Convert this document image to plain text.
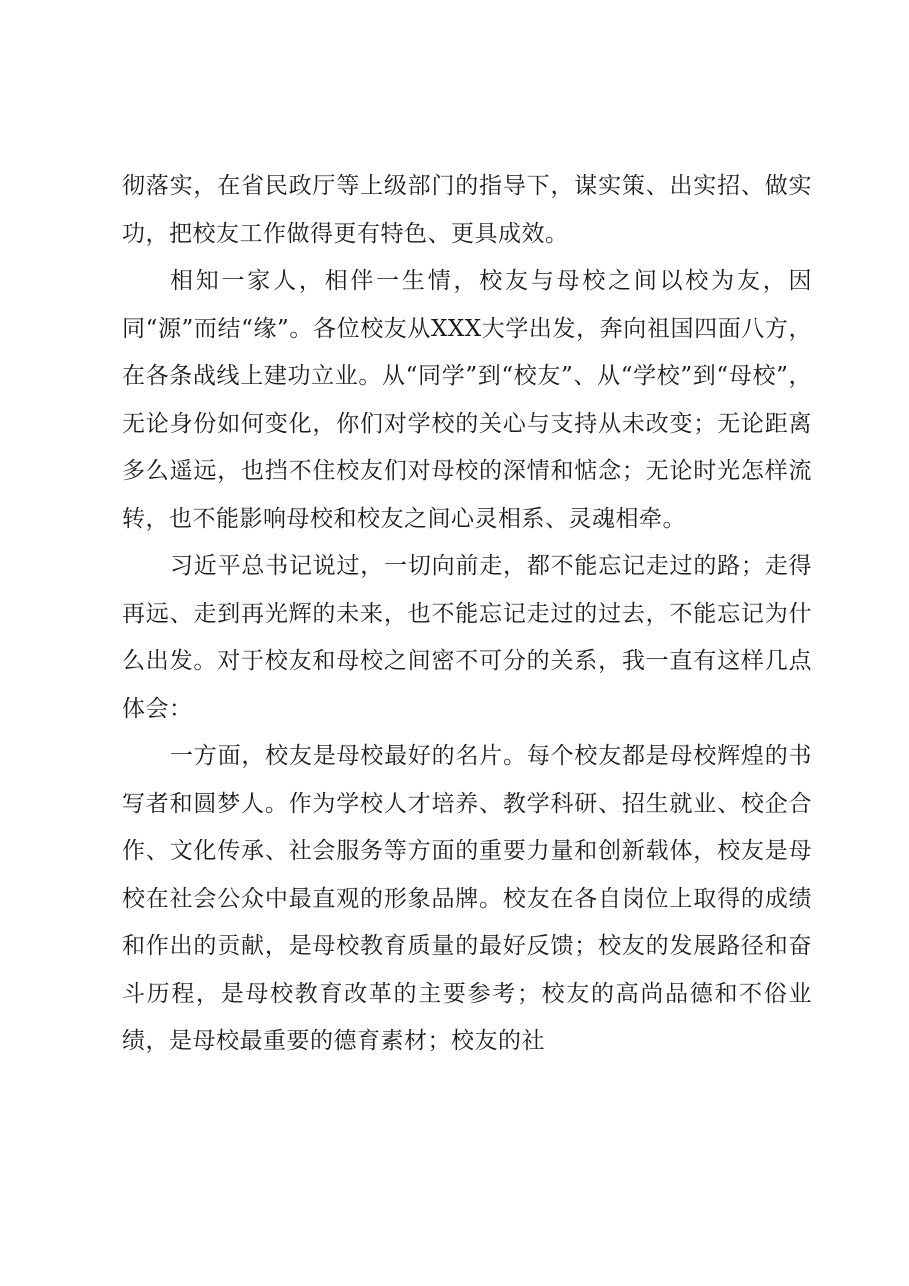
彻落实，在省民政厅等上级部门的指导下，谋实策、出实招、做实功，把校友工作做得更有特色、更具成效。

相知一家人，相伴一生情，校友与母校之间以校为友，因同“源”而结“缘”。各位校友从XXX大学出发，奔向祖国四面八方，在各条战线上建功立业。从“同学”到“校友”、从“学校”到“母校”，无论身份如何变化，你们对学校的关心与支持从未改变；无论距离多么遥远，也挡不住校友们对母校的深情和惦念；无论时光怎样流转，也不能影响母校和校友之间心灵相系、灵魂相牵。

习近平总书记说过，一切向前走，都不能忘记走过的路；走得再远、走到再光辉的未来，也不能忘记走过的过去，不能忘记为什么出发。对于校友和母校之间密不可分的关系，我一直有这样几点体会：

一方面，校友是母校最好的名片。每个校友都是母校辉煌的书写者和圆梦人。作为学校人才培养、教学科研、招生就业、校企合作、文化传承、社会服务等方面的重要力量和创新载体，校友是母校在社会公众中最直观的形象品牌。校友在各自岗位上取得的成绩和作出的贡献，是母校教育质量的最好反馈；校友的发展路径和奋斗历程，是母校教育改革的主要参考；校友的高尚品德和不俗业绩，是母校最重要的德育素材；校友的社
